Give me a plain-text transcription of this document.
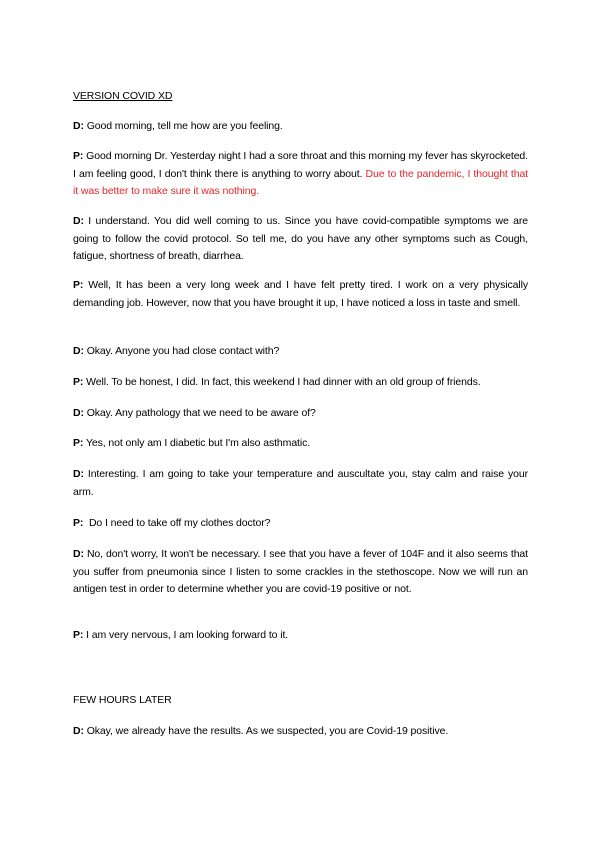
VERSION COVID XD

D: Good morning, tell me how are you feeling.

P: Good morning Dr. Yesterday night I had a sore throat and this morning my fever has skyrocketed. I am feeling good, I don't think there is anything to worry about. Due to the pandemic, I thought that it was better to make sure it was nothing.

D: I understand. You did well coming to us. Since you have covid-compatible symptoms we are going to follow the covid protocol. So tell me, do you have any other symptoms such as Cough, fatigue, shortness of breath, diarrhea.

P: Well, It has been a very long week and I have felt pretty tired. I work on a very physically demanding job. However, now that you have brought it up, I have noticed a loss in taste and smell.

D: Okay. Anyone you had close contact with?

P: Well. To be honest, I did. In fact, this weekend I had dinner with an old group of friends.

D: Okay. Any pathology that we need to be aware of?

P: Yes, not only am I diabetic but I'm also asthmatic.

D: Interesting. I am going to take your temperature and auscultate you, stay calm and raise your arm.

P:  Do I need to take off my clothes doctor?

D: No, don't worry, It won't be necessary. I see that you have a fever of 104F and it also seems that you suffer from pneumonia since I listen to some crackles in the stethoscope. Now we will run an antigen test in order to determine whether you are covid-19 positive or not.

P: I am very nervous, I am looking forward to it.

FEW HOURS LATER

D: Okay, we already have the results. As we suspected, you are Covid-19 positive.
